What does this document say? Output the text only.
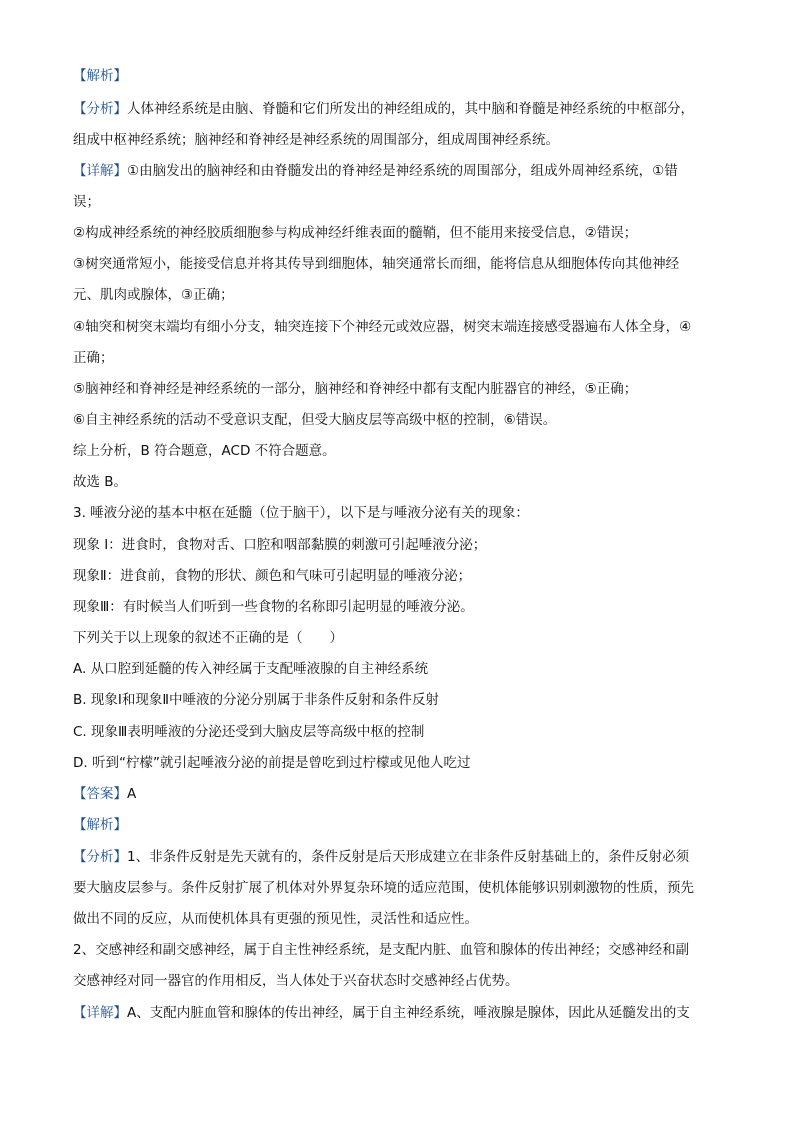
【解析】
【分析】人体神经系统是由脑、脊髓和它们所发出的神经组成的，其中脑和脊髓是神经系统的中枢部分，
组成中枢神经系统；脑神经和脊神经是神经系统的周围部分，组成周围神经系统。
【详解】①由脑发出的脑神经和由脊髓发出的脊神经是神经系统的周围部分，组成外周神经系统，①错
误；
②构成神经系统的神经胶质细胞参与构成神经纤维表面的髓鞘，但不能用来接受信息，②错误；
③树突通常短小，能接受信息并将其传导到细胞体，轴突通常长而细，能将信息从细胞体传向其他神经
元、肌肉或腺体，③正确；
④轴突和树突末端均有细小分支，轴突连接下个神经元或效应器，树突末端连接感受器遍布人体全身，④
正确；
⑤脑神经和脊神经是神经系统的一部分，脑神经和脊神经中都有支配内脏器官的神经，⑤正确；
⑥自主神经系统的活动不受意识支配，但受大脑皮层等高级中枢的控制，⑥错误。
综上分析，B 符合题意，ACD 不符合题意。
故选 B。
3. 唾液分泌的基本中枢在延髓（位于脑干），以下是与唾液分泌有关的现象：
现象 I：进食时，食物对舌、口腔和咽部黏膜的刺激可引起唾液分泌；
现象Ⅱ：进食前，食物的形状、颜色和气味可引起明显的唾液分泌；
现象Ⅲ：有时候当人们听到一些食物的名称即引起明显的唾液分泌。
下列关于以上现象的叙述不正确的是（　　）
A. 从口腔到延髓的传入神经属于支配唾液腺的自主神经系统
B. 现象Ⅰ和现象Ⅱ中唾液的分泌分别属于非条件反射和条件反射
C. 现象Ⅲ表明唾液的分泌还受到大脑皮层等高级中枢的控制
D. 听到“柠檬”就引起唾液分泌的前提是曾吃到过柠檬或见他人吃过
【答案】A
【解析】
【分析】1、非条件反射是先天就有的，条件反射是后天形成建立在非条件反射基础上的，条件反射必须
要大脑皮层参与。条件反射扩展了机体对外界复杂环境的适应范围，使机体能够识别刺激物的性质，预先
做出不同的反应，从而使机体具有更强的预见性，灵活性和适应性。
2、交感神经和副交感神经，属于自主性神经系统，是支配内脏、血管和腺体的传出神经；交感神经和副
交感神经对同一器官的作用相反，当人体处于兴奋状态时交感神经占优势。
【详解】A、支配内脏血管和腺体的传出神经，属于自主神经系统，唾液腺是腺体，因此从延髓发出的支
